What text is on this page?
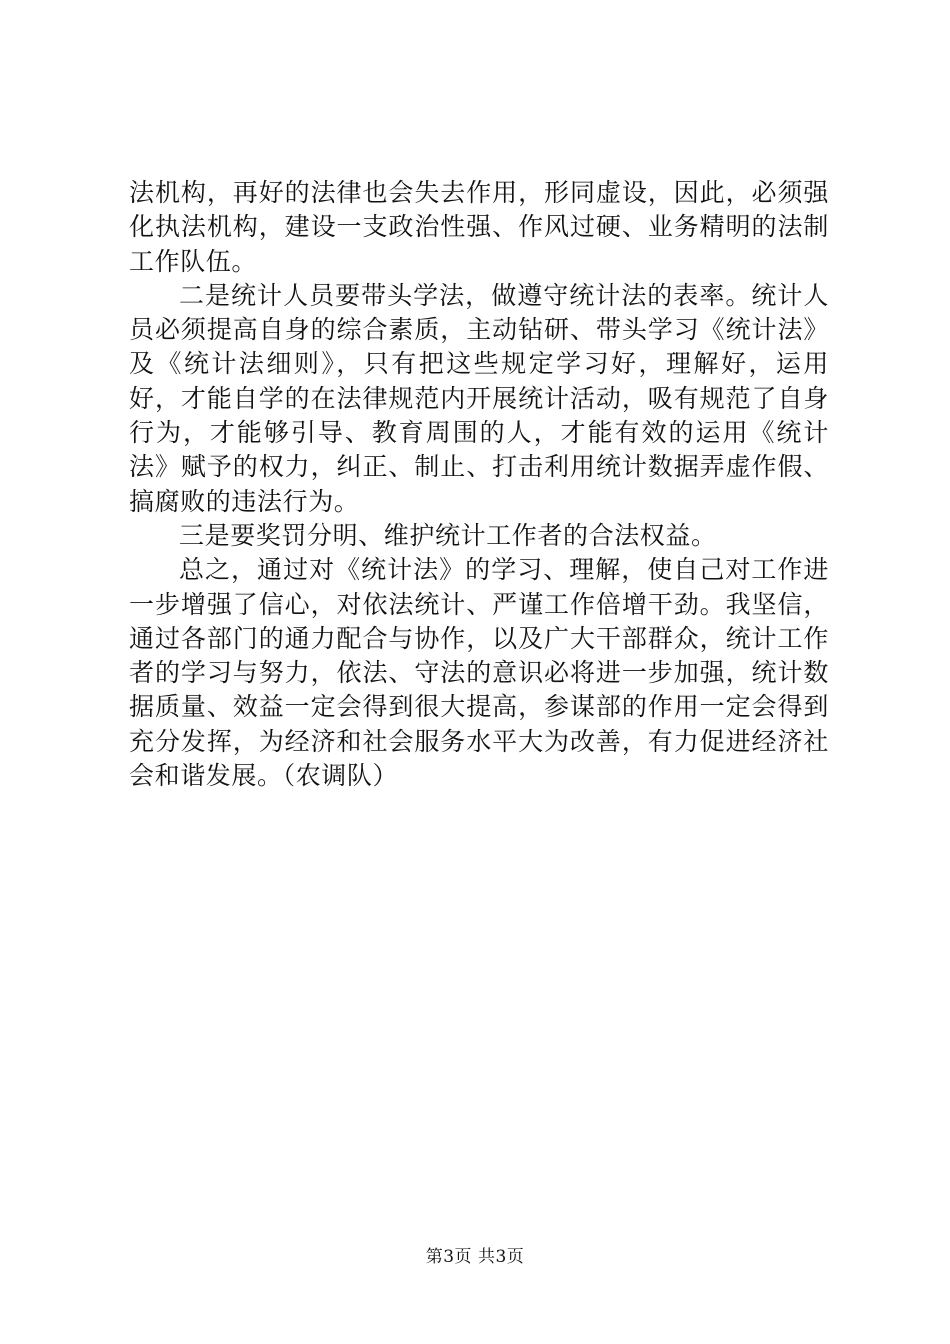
法机构，再好的法律也会失去作用，形同虚设，因此，必须强化执法机构，建设一支政治性强、作风过硬、业务精明的法制工作队伍。

二是统计人员要带头学法，做遵守统计法的表率。统计人员必须提高自身的综合素质，主动钻研、带头学习《统计法》及《统计法细则》，只有把这些规定学习好，理解好，运用好，才能自学的在法律规范内开展统计活动，吸有规范了自身行为，才能够引导、教育周围的人，才能有效的运用《统计法》赋予的权力，纠正、制止、打击利用统计数据弄虚作假、搞腐败的违法行为。

三是要奖罚分明、维护统计工作者的合法权益。

总之，通过对《统计法》的学习、理解，使自己对工作进一步增强了信心，对依法统计、严谨工作倍增干劲。我坚信，通过各部门的通力配合与协作，以及广大干部群众，统计工作者的学习与努力，依法、守法的意识必将进一步加强，统计数据质量、效益一定会得到很大提高，参谋部的作用一定会得到充分发挥，为经济和社会服务水平大为改善，有力促进经济社会和谐发展。（农调队）

第3页 共3页
